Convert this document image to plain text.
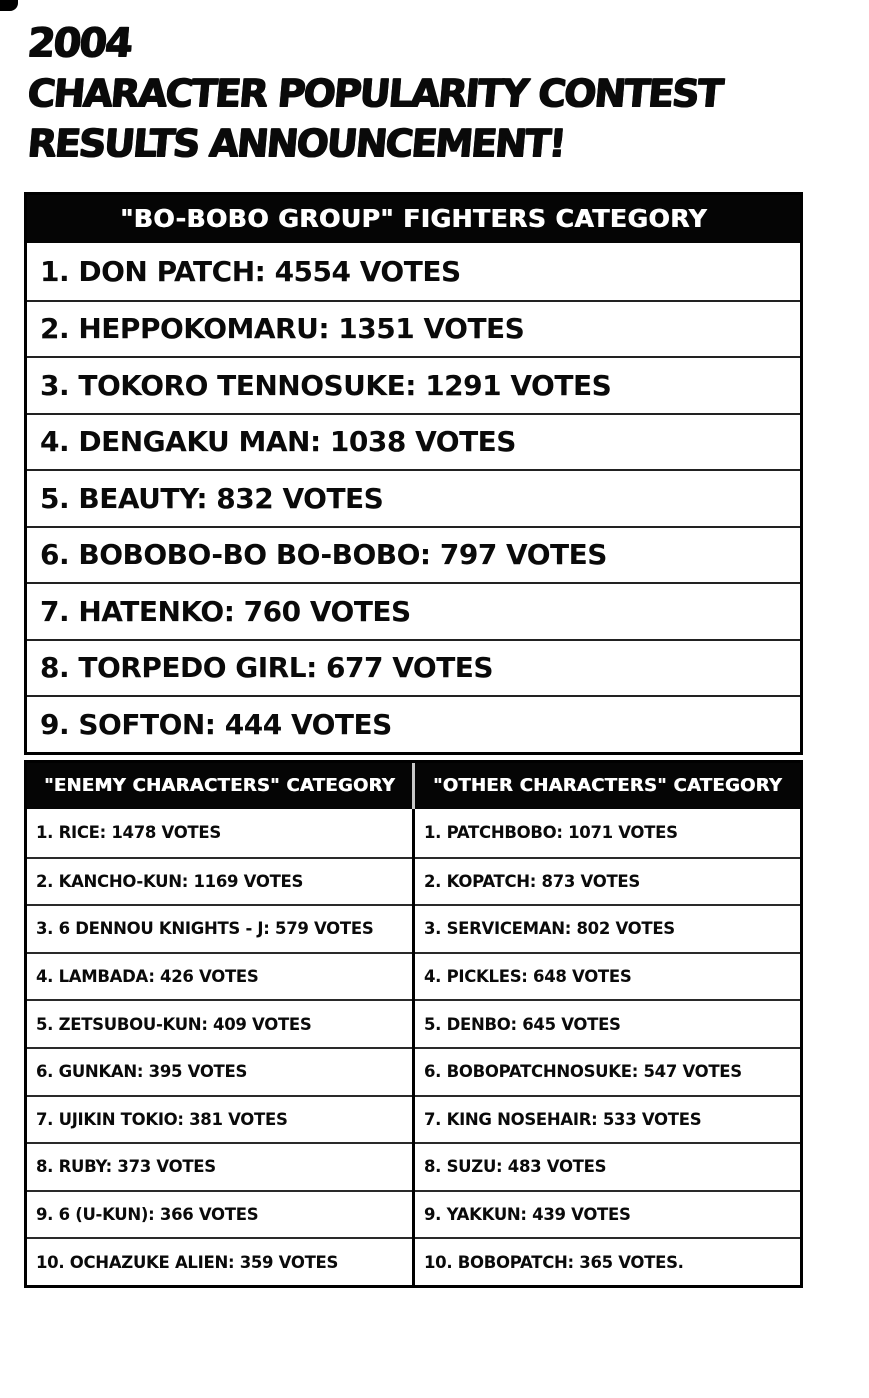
2004
CHARACTER POPULARITY CONTEST
RESULTS ANNOUNCEMENT!
"BO-BOBO GROUP" FIGHTERS CATEGORY
1. DON PATCH: 4554 VOTES
2. HEPPOKOMARU: 1351 VOTES
3. TOKORO TENNOSUKE: 1291 VOTES
4. DENGAKU MAN: 1038 VOTES
5. BEAUTY: 832 VOTES
6. BOBOBO-BO BO-BOBO: 797 VOTES
7. HATENKO: 760 VOTES
8. TORPEDO GIRL: 677 VOTES
9. SOFTON: 444 VOTES
"ENEMY CHARACTERS" CATEGORY
1. RICE: 1478 VOTES
2. KANCHO-KUN: 1169 VOTES
3. 6 DENNOU KNIGHTS - J: 579 VOTES
4. LAMBADA: 426 VOTES
5. ZETSUBOU-KUN: 409 VOTES
6. GUNKAN: 395 VOTES
7. UJIKIN TOKIO: 381 VOTES
8. RUBY: 373 VOTES
9. 6 (U-KUN): 366 VOTES
10. OCHAZUKE ALIEN: 359 VOTES
"OTHER CHARACTERS" CATEGORY
1. PATCHBOBO: 1071 VOTES
2. KOPATCH: 873 VOTES
3. SERVICEMAN: 802 VOTES
4. PICKLES: 648 VOTES
5. DENBO: 645 VOTES
6. BOBOPATCHNOSUKE: 547 VOTES
7. KING NOSEHAIR: 533 VOTES
8. SUZU: 483 VOTES
9. YAKKUN: 439 VOTES
10. BOBOPATCH: 365 VOTES.
